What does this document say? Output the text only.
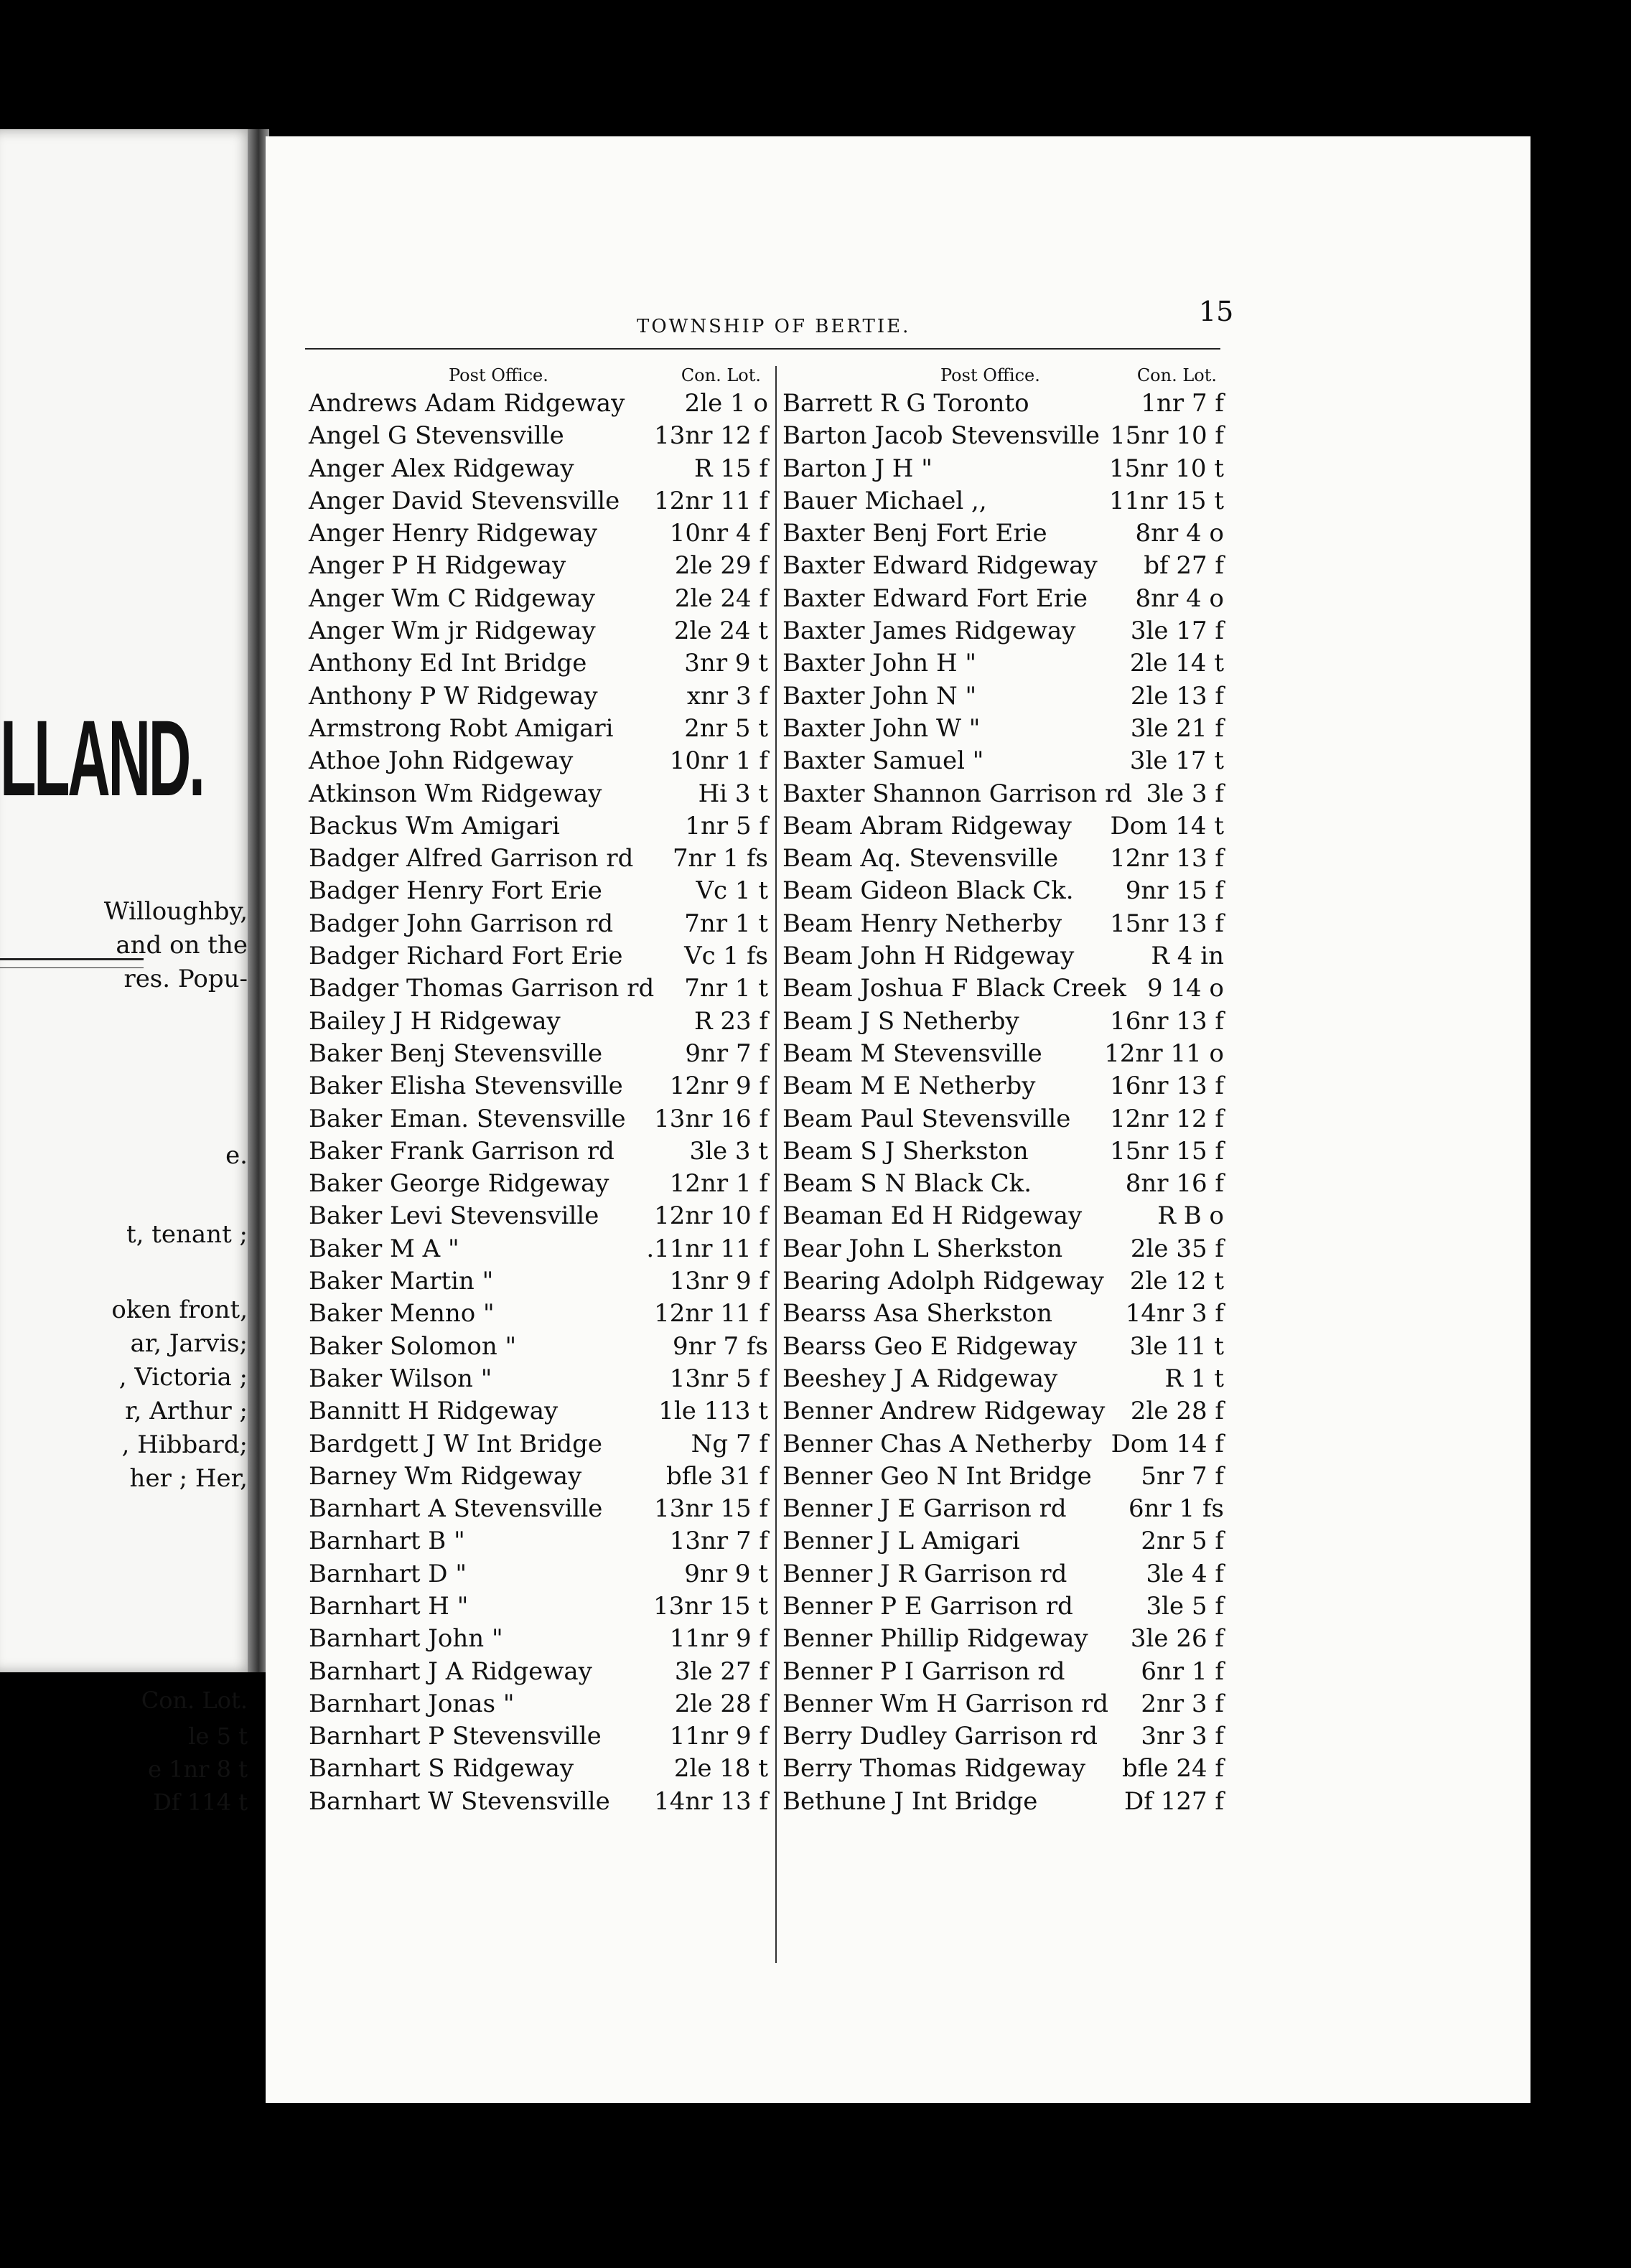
LLAND.
Willoughby,
and on the
res. Popu-
e.
t, tenant ;
oken front,
ar, Jarvis;
, Victoria ;
r, Arthur ;
, Hibbard;
her ; Her,
Con. Lot.
le 5 t
e 1nr 8 t
Df 114 t
TOWNSHIP OF BERTIE.	15
Post Office.	Con. Lot.
Andrews Adam Ridgeway 2le 1 o
Angel G Stevensville	13nr 12 f
Anger Alex Ridgeway	R 15 f
Anger David Stevensville 12nr 11 f
Anger Henry Ridgeway	10nr 4 f
Anger P H Ridgeway	2le 29 f
Anger Wm C Ridgeway	2le 24 f
Anger Wm jr Ridgeway	2le 24 t
Anthony Ed Int Bridge	3nr 9 t
Anthony P W Ridgeway	xnr 3 f
Armstrong Robt Amigari	2nr 5 t
Athoe John Ridgeway	10nr 1 f
Atkinson Wm Ridgeway	Hi 3 t
Backus Wm Amigari	1nr 5 f
Badger Alfred Garrison rd 7nr 1 fs
Badger Henry Fort Erie	Vc 1 t
Badger John Garrison rd	7nr 1 t
Badger Richard Fort Erie	Vc 1 fs
Badger Thomas Garrison rd 7nr 1 t
Bailey J H Ridgeway	R 23 f
Baker Benj Stevensville	9nr 7 f
Baker Elisha Stevensville 12nr 9 f
Baker Eman. Stevensville 13nr 16 f
Baker Frank Garrison rd	3le 3 t
Baker George Ridgeway 12nr 1 f
Baker Levi Stevensville 12nr 10 f
Baker M A "	.11nr 11 f
Baker Martin "	13nr 9 f
Baker Menno "	12nr 11 f
Baker Solomon "	9nr 7 fs
Baker Wilson "	13nr 5 f
Bannitt H Ridgeway	1le 113 t
Bardgett J W Int Bridge	Ng 7 f
Barney Wm Ridgeway	bfle 31 f
Barnhart A Stevensville 13nr 15 f
Barnhart B "	13nr 7 f
Barnhart D "	9nr 9 t
Barnhart H "	13nr 15 t
Barnhart John "	11nr 9 f
Barnhart J A Ridgeway	3le 27 f
Barnhart Jonas "	2le 28 f
Barnhart P Stevensville	11nr 9 f
Barnhart S Ridgeway	2le 18 t
Barnhart W Stevensville 14nr 13 f
Post Office.	Con. Lot.
Barrett R G Toronto	1nr 7 f
Barton Jacob Stevensville 15nr 10 f
Barton J H "	15nr 10 t
Bauer Michael ,,	11nr 15 t
Baxter Benj Fort Erie	8nr 4 o
Baxter Edward Ridgeway bf 27 f
Baxter Edward Fort Erie 8nr 4 o
Baxter James Ridgeway 3le 17 f
Baxter John H "	2le 14 t
Baxter John N "	2le 13 f
Baxter John W "	3le 21 f
Baxter Samuel "	3le 17 t
Baxter Shannon Garrison rd 3le 3 f
Beam Abram Ridgeway Dom 14 t
Beam Aq. Stevensville 12nr 13 f
Beam Gideon Black Ck. 9nr 15 f
Beam Henry Netherby 15nr 13 f
Beam John H Ridgeway	R 4 in
Beam Joshua F Black Creek 9 14 o
Beam J S Netherby	16nr 13 f
Beam M Stevensville	12nr 11 o
Beam M E Netherby	16nr 13 f
Beam Paul Stevensville 12nr 12 f
Beam S J Sherkston	15nr 15 f
Beam S N Black Ck.	8nr 16 f
Beaman Ed H Ridgeway	R B o
Bear John L Sherkston	2le 35 f
Bearing Adolph Ridgeway 2le 12 t
Bearss Asa Sherkston	14nr 3 f
Bearss Geo E Ridgeway 3le 11 t
Beeshey J A Ridgeway	R 1 t
Benner Andrew Ridgeway 2le 28 f
Benner Chas A Netherby Dom 14 f
Benner Geo N Int Bridge 5nr 7 f
Benner J E Garrison rd	6nr 1 fs
Benner J L Amigari	2nr 5 f
Benner J R Garrison rd	3le 4 f
Benner P E Garrison rd	3le 5 f
Benner Phillip Ridgeway 3le 26 f
Benner P I Garrison rd	6nr 1 f
Benner Wm H Garrison rd 2nr 3 f
Berry Dudley Garrison rd 3nr 3 f
Berry Thomas Ridgeway bfle 24 f
Bethune J Int Bridge	Df 127 f
